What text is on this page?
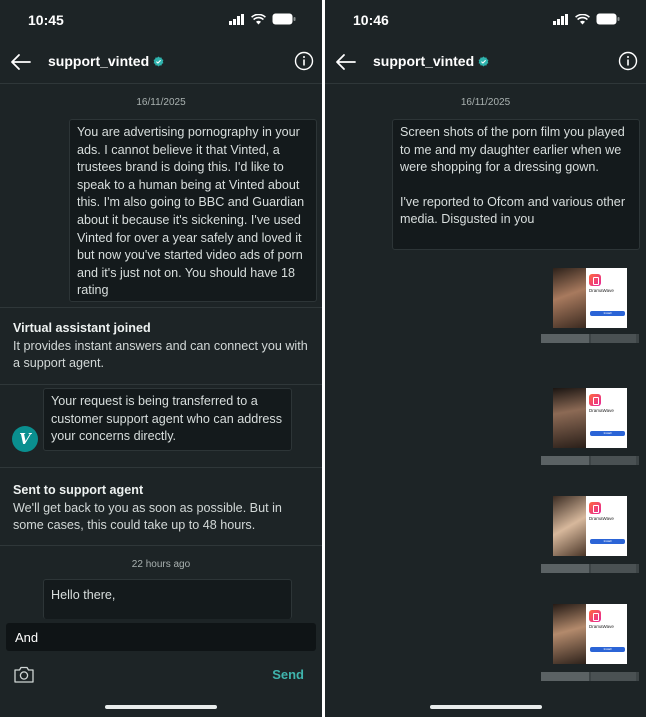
10:45
support_vinted
16/11/2025
You are advertising pornography in your ads. I cannot believe it that Vinted, a trustees brand is doing this. I'd like to speak to a human being at Vinted about this. I'm also going to BBC and Guardian about it because it's sickening. I've used Vinted for over a year safely and loved it but now you've started video ads of porn and it's just not on. You should have 18 rating
Virtual assistant joined
It provides instant answers and can connect you with a support agent.
V
Your request is being transferred to a customer support agent who can address your concerns directly.
Sent to support agent
We'll get back to you as soon as possible. But in some cases, this could take up to 48 hours.
22 hours ago
Hello there,
And
Send
10:46
support_vinted
16/11/2025
Screen shots of the porn film you played to me and my daughter earlier when we were shopping for a dressing gown.
I've reported to Ofcom and various other media. Disgusted in you
DramaWave
Install
DramaWave
Install
DramaWave
Install
DramaWave
Install
